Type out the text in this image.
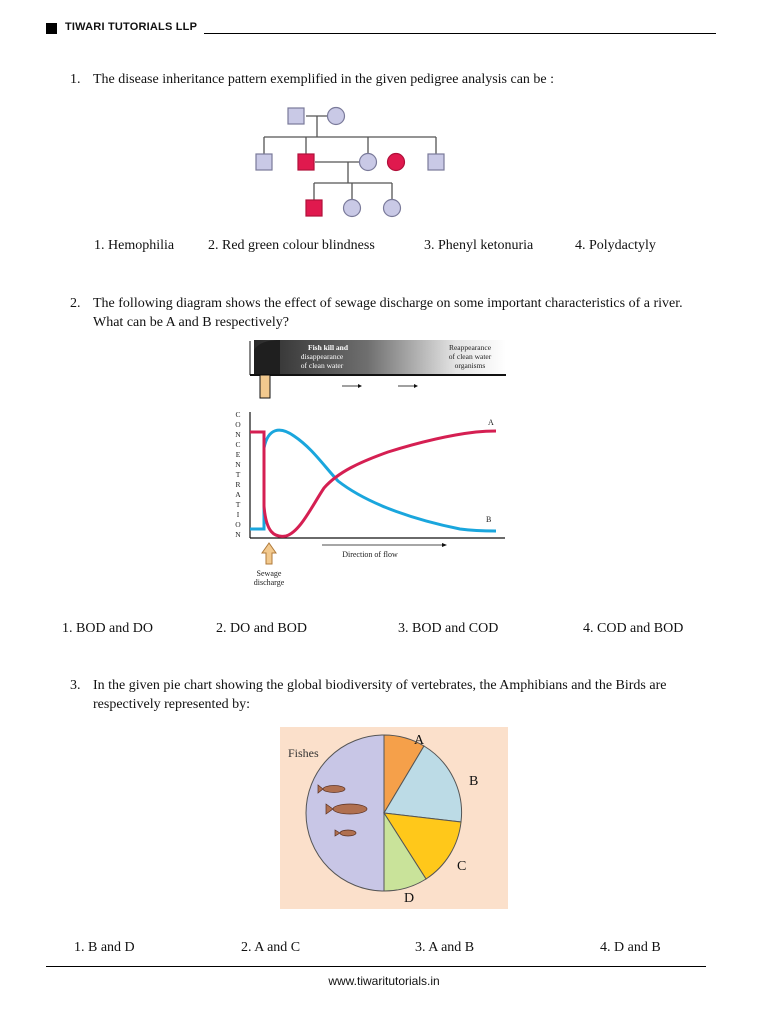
TIWARI TUTORIALS LLP
1. The disease inheritance pattern exemplified in the given pedigree analysis can be :
1. Hemophilia 2. Red green colour blindness	3. Phenyl ketonuria	4. Polydactyly
2. The following diagram shows the effect of sewage discharge on some important characteristics of a river. What can be A and B respectively?
Fish kill and
disappearance
of clean water
Reappearance
of clean water
organisms
C
O
N
C
E
N
T
R
A
T
I
O
N
A
B
Direction of flow
Sewage
discharge
1. BOD and DO	2. DO and BOD	3. BOD and COD	4. COD and BOD
3. In the given pie chart showing the global biodiversity of vertebrates, the Amphibians and the Birds are respectively represented by:
Fishes
A
B
C
D
1. B and D	2. A and C	3. A and B	4. D and B
www.tiwaritutorials.in
